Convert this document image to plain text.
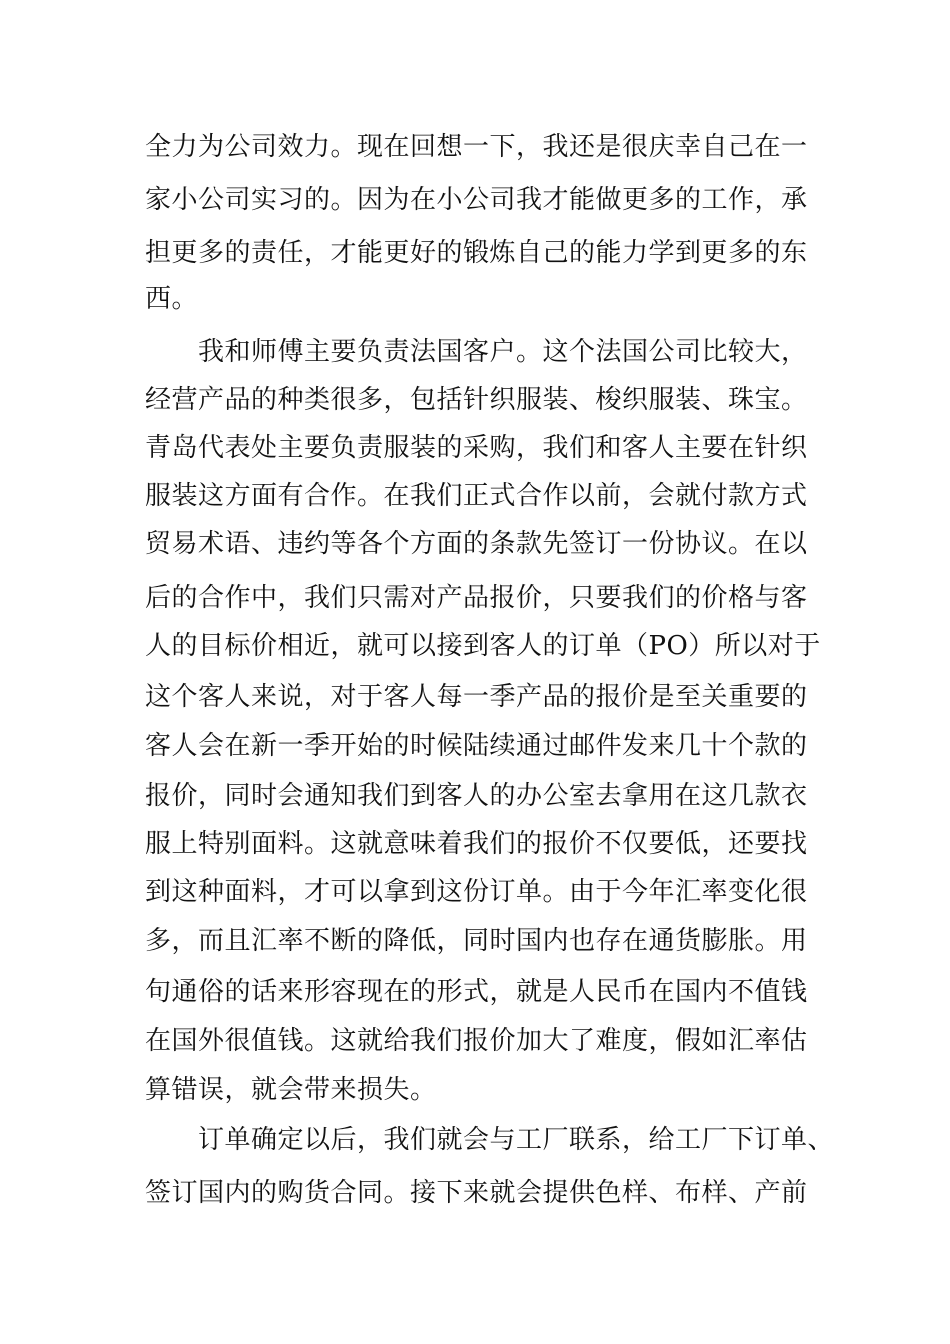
全力为公司效力。现在回想一下，我还是很庆幸自己在一
家小公司实习的。因为在小公司我才能做更多的工作，承
担更多的责任，才能更好的锻炼自己的能力学到更多的东
西。
我和师傅主要负责法国客户。这个法国公司比较大，
经营产品的种类很多，包括针织服装、梭织服装、珠宝。
青岛代表处主要负责服装的采购，我们和客人主要在针织
服装这方面有合作。在我们正式合作以前，会就付款方式
贸易术语、违约等各个方面的条款先签订一份协议。在以
后的合作中，我们只需对产品报价，只要我们的价格与客
人的目标价相近，就可以接到客人的订单（PO）所以对于
这个客人来说，对于客人每一季产品的报价是至关重要的
客人会在新一季开始的时候陆续通过邮件发来几十个款的
报价，同时会通知我们到客人的办公室去拿用在这几款衣
服上特别面料。这就意味着我们的报价不仅要低，还要找
到这种面料，才可以拿到这份订单。由于今年汇率变化很
多，而且汇率不断的降低，同时国内也存在通货膨胀。用
句通俗的话来形容现在的形式，就是人民币在国内不值钱
在国外很值钱。这就给我们报价加大了难度，假如汇率估
算错误，就会带来损失。
订单确定以后，我们就会与工厂联系，给工厂下订单、
签订国内的购货合同。接下来就会提供色样、布样、产前
